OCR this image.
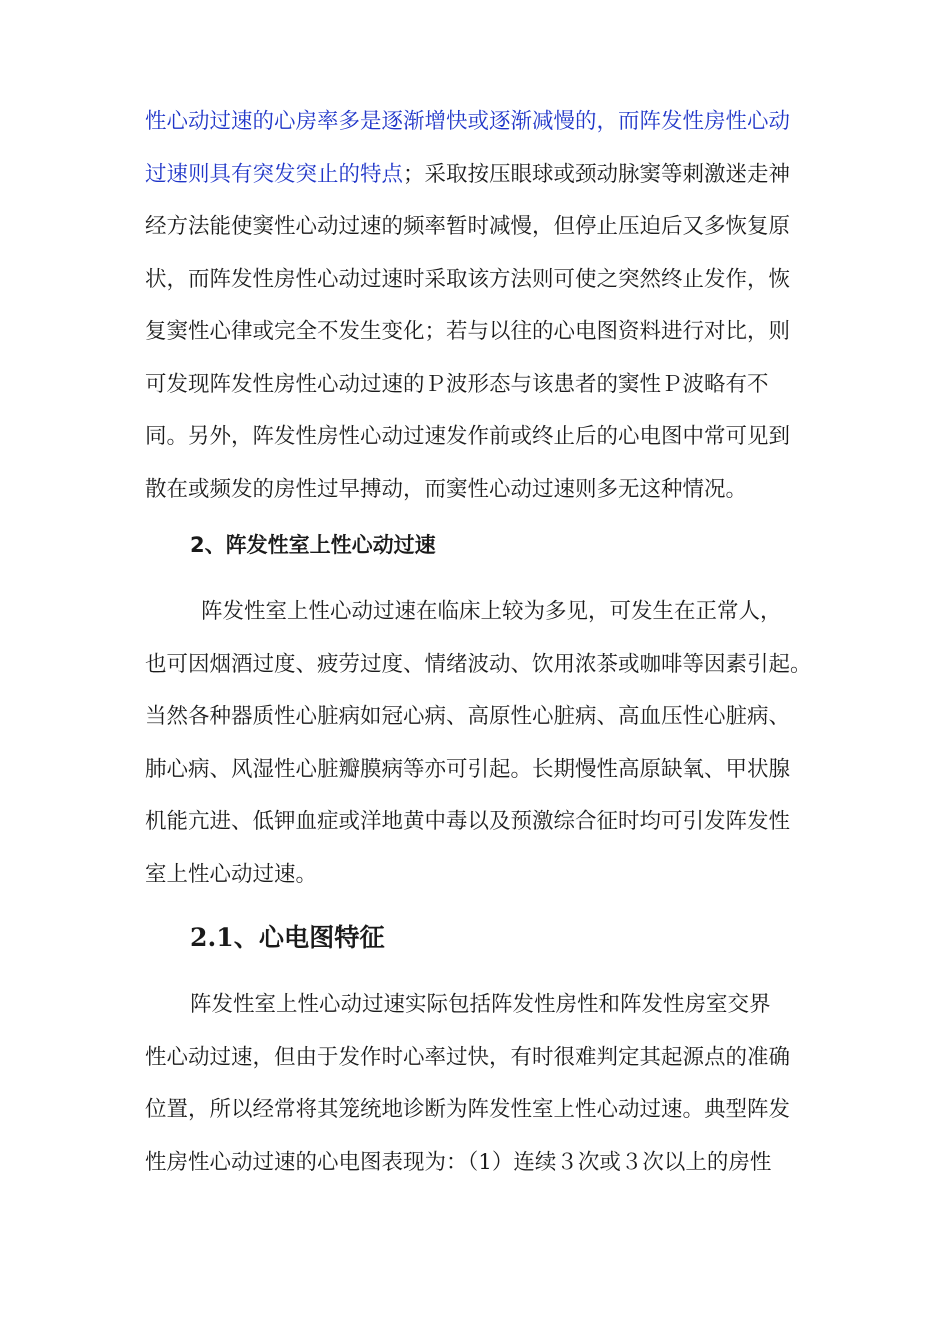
性心动过速的心房率多是逐渐增快或逐渐减慢的，而阵发性房性心动
过速则具有突发突止的特点；采取按压眼球或颈动脉窦等刺激迷走神
经方法能使窦性心动过速的频率暂时减慢，但停止压迫后又多恢复原
状，而阵发性房性心动过速时采取该方法则可使之突然终止发作，恢
复窦性心律或完全不发生变化；若与以往的心电图资料进行对比，则
可发现阵发性房性心动过速的Ｐ波形态与该患者的窦性Ｐ波略有不
同。另外，阵发性房性心动过速发作前或终止后的心电图中常可见到
散在或频发的房性过早搏动，而窦性心动过速则多无这种情况。
2、阵发性室上性心动过速
阵发性室上性心动过速在临床上较为多见，可发生在正常人，
也可因烟酒过度、疲劳过度、情绪波动、饮用浓茶或咖啡等因素引起。
当然各种器质性心脏病如冠心病、高原性心脏病、高血压性心脏病、
肺心病、风湿性心脏瓣膜病等亦可引起。长期慢性高原缺氧、甲状腺
机能亢进、低钾血症或洋地黄中毒以及预激综合征时均可引发阵发性
室上性心动过速。
2.1、心电图特征
阵发性室上性心动过速实际包括阵发性房性和阵发性房室交界
性心动过速，但由于发作时心率过快，有时很难判定其起源点的准确
位置，所以经常将其笼统地诊断为阵发性室上性心动过速。典型阵发
性房性心动过速的心电图表现为：（1）连续３次或３次以上的房性
